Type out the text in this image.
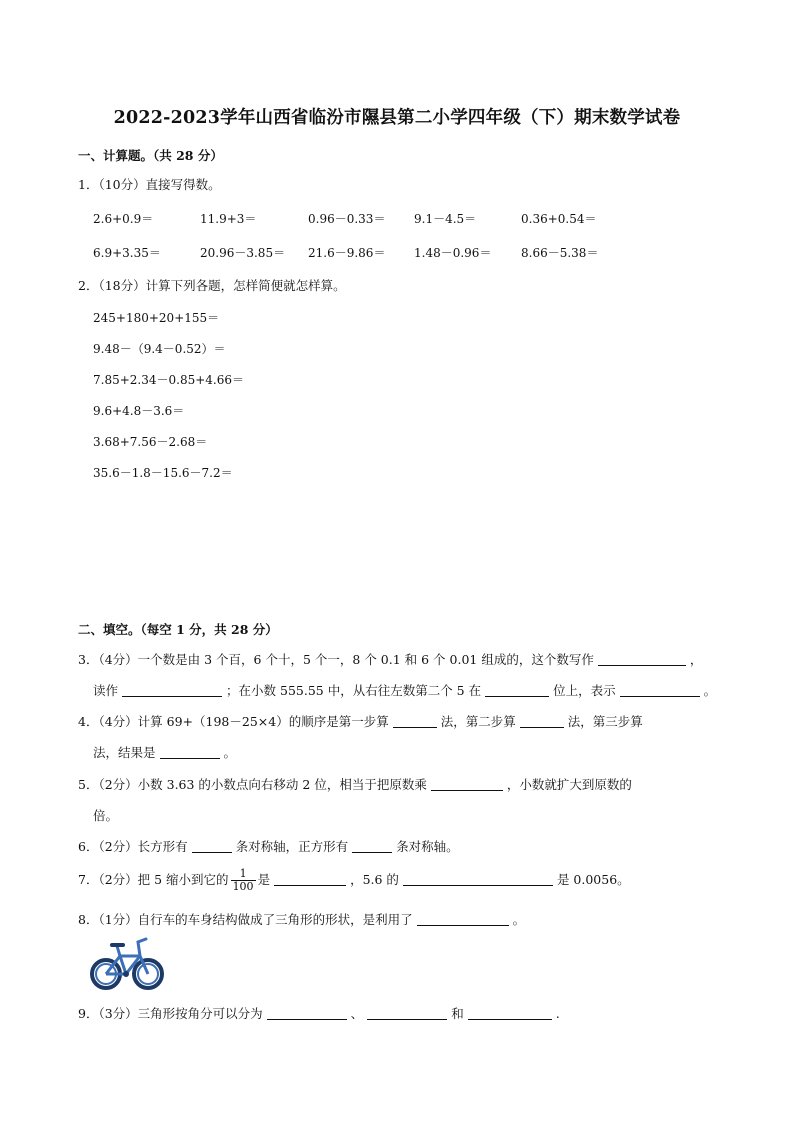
2022-2023学年山西省临汾市隰县第二小学四年级（下）期末数学试卷
一、计算题。（共 28 分）
1．（10分）直接写得数。
2.6+0.9＝	11.9+3＝	0.96－0.33＝ 9.1－4.5＝	0.36+0.54＝
6.9+3.35＝	20.96－3.85＝ 21.6－9.86＝ 1.48－0.96＝ 8.66－5.38＝
2．（18分）计算下列各题，怎样简便就怎样算。
245+180+20+155＝
9.48－（9.4－0.52）＝
7.85+2.34－0.85+4.66＝
9.6+4.8－3.6＝
3.68+7.56－2.68＝
35.6－1.8－15.6－7.2＝
二、填空。（每空 1 分，共 28 分）
3．（4分）一个数是由 3 个百，6 个十，5 个一，8 个 0.1 和 6 个 0.01 组成的，这个数写作	，
读作	；在小数 555.55 中，从右往左数第二个 5 在	位上，表示	。
4．（4分）计算 69+（198－25×4）的顺序是第一步算	法，第二步算	法，第三步算
法，结果是	。
5．（2分）小数 3.63 的小数点向右移动 2 位，相当于把原数乘	，小数就扩大到原数的
倍。
6．（2分）长方形有	条对称轴，正方形有	条对称轴。
7．（2分）把 5 缩小到它的 $\frac{1}{100}$ 是	，5.6 的	是 0.0056。
8．（1分）自行车的车身结构做成了三角形的形状，是利用了	。
9．（3分）三角形按角分可以分为	、	和	.
